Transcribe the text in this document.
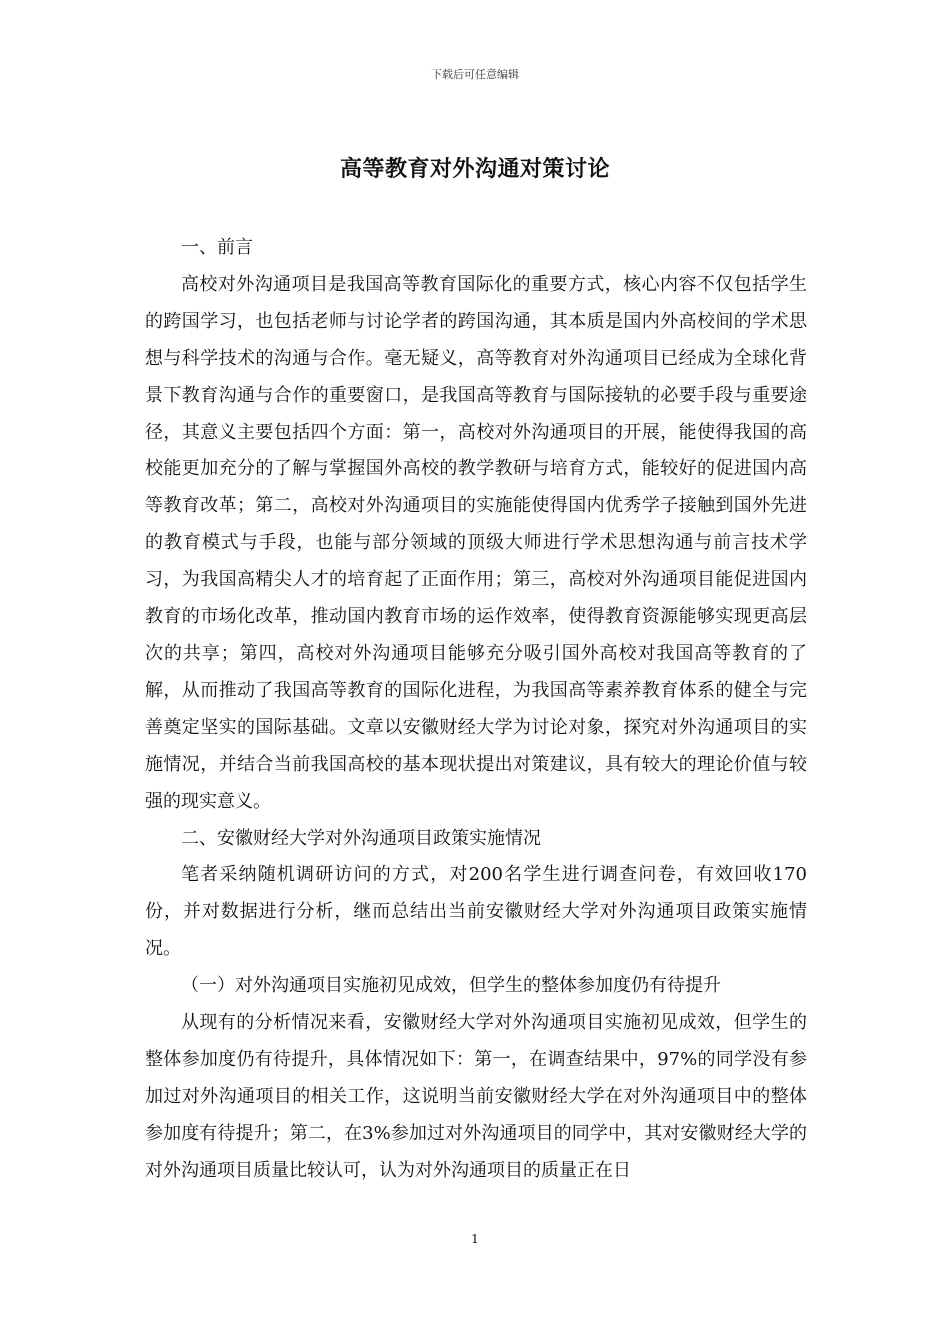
下载后可任意编辑
高等教育对外沟通对策讨论

一、前言

高校对外沟通项目是我国高等教育国际化的重要方式，核心内容不仅包括学生的跨国学习，也包括老师与讨论学者的跨国沟通，其本质是国内外高校间的学术思想与科学技术的沟通与合作。毫无疑义，高等教育对外沟通项目已经成为全球化背景下教育沟通与合作的重要窗口，是我国高等教育与国际接轨的必要手段与重要途径，其意义主要包括四个方面：第一，高校对外沟通项目的开展，能使得我国的高校能更加充分的了解与掌握国外高校的教学教研与培育方式，能较好的促进国内高等教育改革；第二，高校对外沟通项目的实施能使得国内优秀学子接触到国外先进的教育模式与手段，也能与部分领域的顶级大师进行学术思想沟通与前言技术学习，为我国高精尖人才的培育起了正面作用；第三，高校对外沟通项目能促进国内教育的市场化改革，推动国内教育市场的运作效率，使得教育资源能够实现更高层次的共享；第四，高校对外沟通项目能够充分吸引国外高校对我国高等教育的了解，从而推动了我国高等教育的国际化进程，为我国高等素养教育体系的健全与完善奠定坚实的国际基础。文章以安徽财经大学为讨论对象，探究对外沟通项目的实施情况，并结合当前我国高校的基本现状提出对策建议，具有较大的理论价值与较强的现实意义。

二、安徽财经大学对外沟通项目政策实施情况

笔者采纳随机调研访问的方式，对200名学生进行调查问卷，有效回收170份，并对数据进行分析，继而总结出当前安徽财经大学对外沟通项目政策实施情况。

（一）对外沟通项目实施初见成效，但学生的整体参加度仍有待提升

从现有的分析情况来看，安徽财经大学对外沟通项目实施初见成效，但学生的整体参加度仍有待提升，具体情况如下：第一，在调查结果中，97%的同学没有参加过对外沟通项目的相关工作，这说明当前安徽财经大学在对外沟通项目中的整体参加度有待提升；第二，在3%参加过对外沟通项目的同学中，其对安徽财经大学的对外沟通项目质量比较认可，认为对外沟通项目的质量正在日

1
